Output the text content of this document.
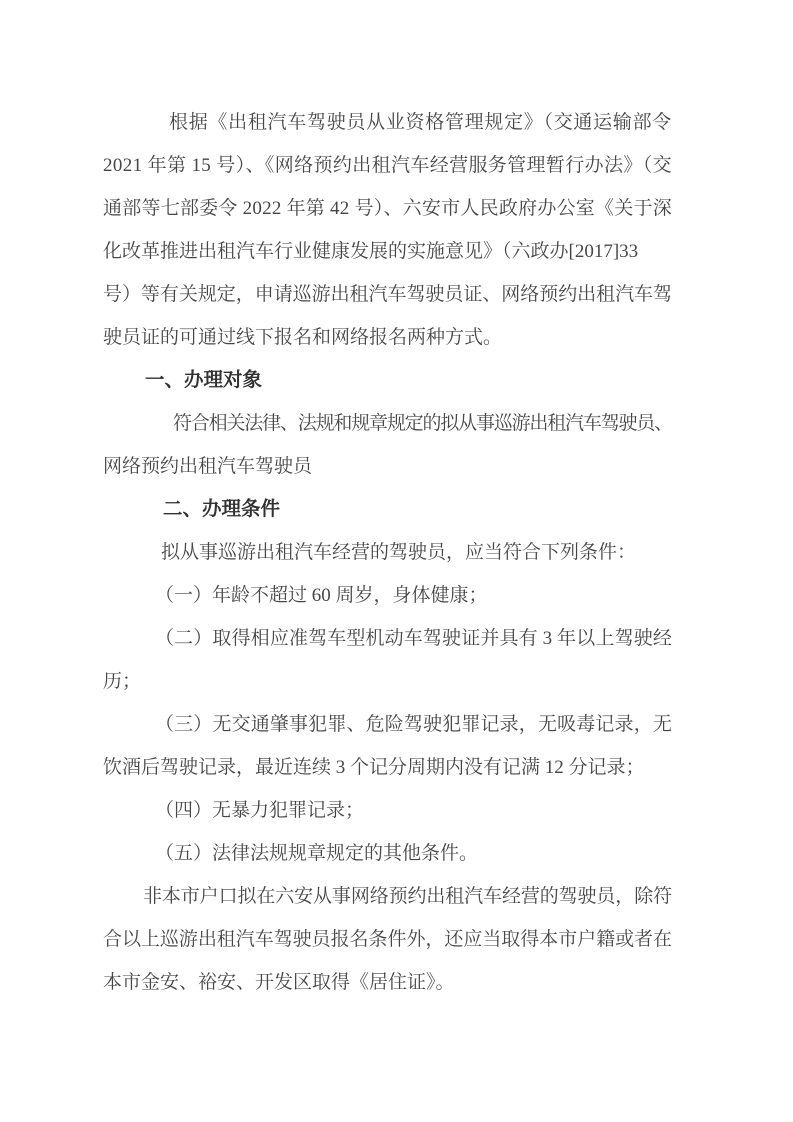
根据《出租汽车驾驶员从业资格管理规定》（交通运输部令
2021 年第 15 号）、《网络预约出租汽车经营服务管理暂行办法》（交
通部等七部委令 2022 年第 42 号）、六安市人民政府办公室《关于深
化改革推进出租汽车行业健康发展的实施意见》（六政办[2017]33
号）等有关规定，申请巡游出租汽车驾驶员证、网络预约出租汽车驾
驶员证的可通过线下报名和网络报名两种方式。
一、办理对象
符合相关法律、法规和规章规定的拟从事巡游出租汽车驾驶员、
网络预约出租汽车驾驶员
二、办理条件
拟从事巡游出租汽车经营的驾驶员，应当符合下列条件：
（一）年龄不超过 60 周岁，身体健康；
（二）取得相应准驾车型机动车驾驶证并具有 3 年以上驾驶经
历；
（三）无交通肇事犯罪、危险驾驶犯罪记录，无吸毒记录，无
饮酒后驾驶记录，最近连续 3 个记分周期内没有记满 12 分记录；
（四）无暴力犯罪记录；
（五）法律法规规章规定的其他条件。
非本市户口拟在六安从事网络预约出租汽车经营的驾驶员，除符
合以上巡游出租汽车驾驶员报名条件外，还应当取得本市户籍或者在
本市金安、裕安、开发区取得《居住证》。
